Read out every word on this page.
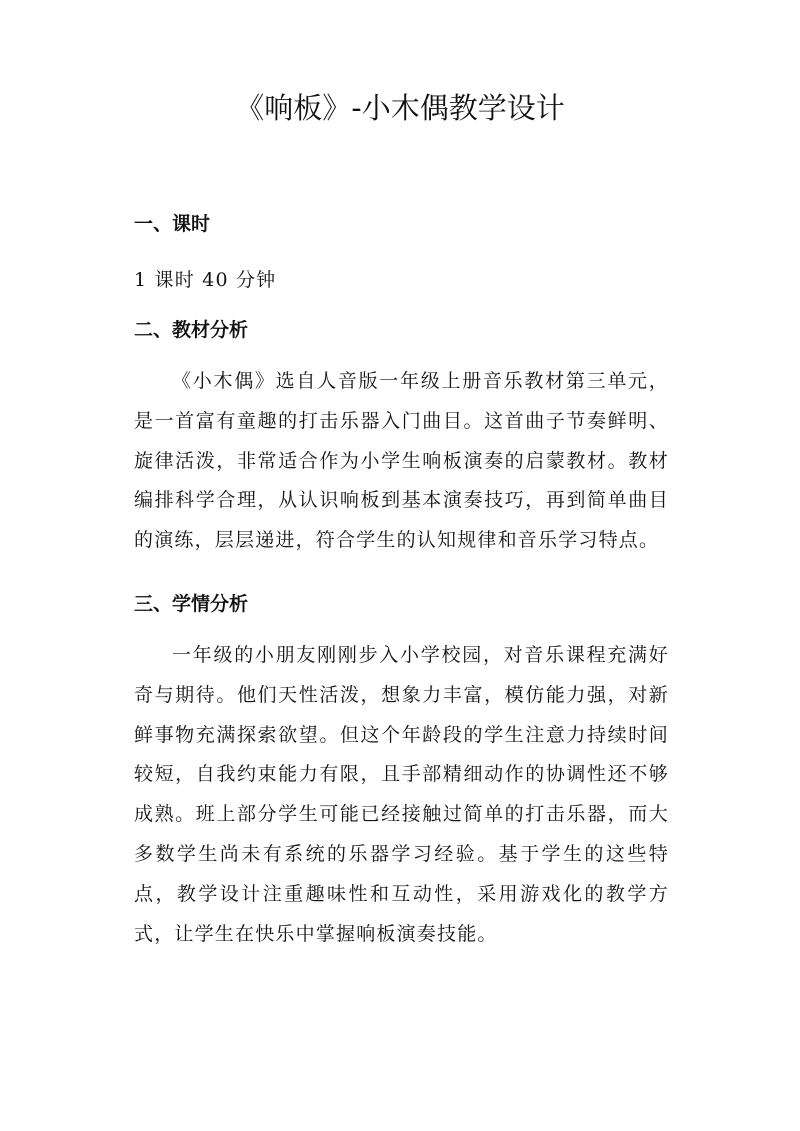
《响板》-小木偶教学设计
一、课时

1 课时 40 分钟

二、教材分析

《小木偶》选自人音版一年级上册音乐教材第三单元，是一首富有童趣的打击乐器入门曲目。这首曲子节奏鲜明、旋律活泼，非常适合作为小学生响板演奏的启蒙教材。教材编排科学合理，从认识响板到基本演奏技巧，再到简单曲目的演练，层层递进，符合学生的认知规律和音乐学习特点。

三、学情分析

一年级的小朋友刚刚步入小学校园，对音乐课程充满好奇与期待。他们天性活泼，想象力丰富，模仿能力强，对新鲜事物充满探索欲望。但这个年龄段的学生注意力持续时间较短，自我约束能力有限，且手部精细动作的协调性还不够成熟。班上部分学生可能已经接触过简单的打击乐器，而大多数学生尚未有系统的乐器学习经验。基于学生的这些特点，教学设计注重趣味性和互动性，采用游戏化的教学方式，让学生在快乐中掌握响板演奏技能。
